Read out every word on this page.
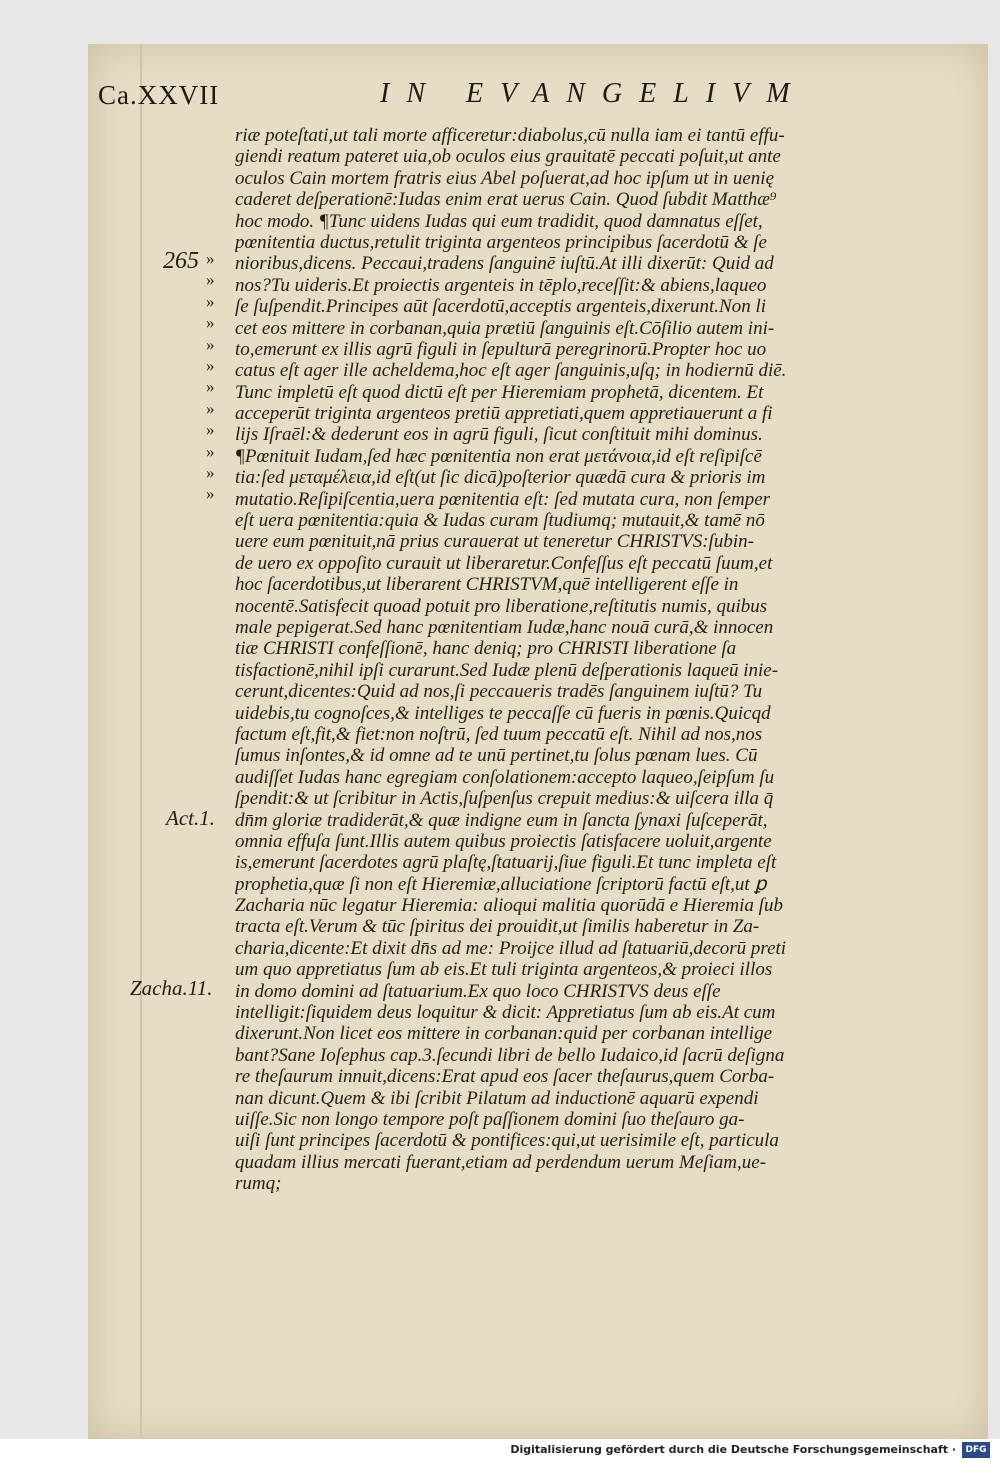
Ca.XXVII	IN EVANGELIVM
265 »
»
»
»
»
»
»
»
»
»
»
»
Act.1.
Zacha.11.
riæ poteſtati,ut tali morte afficeretur:diabolus,cū nulla iam ei tantū effu-
giendi reatum pateret uia,ob oculos eius grauitatē peccati poſuit,ut ante
oculos Cain mortem fratris eius Abel poſuerat,ad hoc ipſum ut in uenię
caderet deſperationē:Iudas enim erat uerus Cain. Quod ſubdit Matthæ⁹
hoc modo. ¶Tunc uidens Iudas qui eum tradidit, quod damnatus eſſet,
pœnitentia ductus,retulit triginta argenteos principibus ſacerdotū & ſe
nioribus,dicens. Peccaui,tradens ſanguinē iuſtū.At illi dixerūt: Quid ad
nos?Tu uideris.Et proiectis argenteis in tēplo,receſſit:& abiens,laqueo
ſe ſuſpendit.Principes aūt ſacerdotū,acceptis argenteis,dixerunt.Non li
cet eos mittere in corbanan,quia prætiū ſanguinis eſt.Cōſilio autem ini-
to,emerunt ex illis agrū figuli in ſepulturā peregrinorū.Propter hoc uo
catus eſt ager ille acheldema,hoc eſt ager ſanguinis,uſq; in hodiernū diē.
Tunc impletū eſt quod dictū eſt per Hieremiam prophetā, dicentem. Et
acceperūt triginta argenteos pretiū appretiati,quem appretiauerunt a fi
lijs Iſraēl:& dederunt eos in agrū figuli, ſicut conſtituit mihi dominus.
¶Pœnituit Iudam,ſed hæc pœnitentia non erat μετάνοια,id eſt reſipiſcē
tia:ſed μεταμέλεια,id eſt(ut ſic dicā)poſterior quædā cura & prioris im
mutatio.Reſipiſcentia,uera pœnitentia eſt: ſed mutata cura, non ſemper
eſt uera pœnitentia:quia & Iudas curam ſtudiumq; mutauit,& tamē nō
uere eum pœnituit,nā prius curauerat ut teneretur CHRISTVS:ſubin-
de uero ex oppoſito curauit ut liberaretur.Confeſſus eſt peccatū ſuum,et
hoc ſacerdotibus,ut liberarent CHRISTVM,quē intelligerent eſſe in
nocentē.Satisfecit quoad potuit pro liberatione,reſtitutis numis, quibus
male pepigerat.Sed hanc pœnitentiam Iudæ,hanc nouā curā,& innocen
tiæ CHRISTI confeſſionē, hanc deniq; pro CHRISTI liberatione ſa
tisfactionē,nihil ipſi curarunt.Sed Iudæ plenū deſperationis laqueū inie-
cerunt,dicentes:Quid ad nos,ſi peccaueris tradēs ſanguinem iuſtū? Tu
uidebis,tu cognoſces,& intelliges te peccaſſe cū fueris in pœnis.Quicqd
factum eſt,fit,& fiet:non noſtrū, ſed tuum peccatū eſt. Nihil ad nos,nos
ſumus inſontes,& id omne ad te unū pertinet,tu ſolus pœnam lues. Cū
audiſſet Iudas hanc egregiam conſolationem:accepto laqueo,ſeipſum ſu
ſpendit:& ut ſcribitur in Actis,ſuſpenſus crepuit medius:& uiſcera illa q̄
dn̄m gloriæ tradiderāt,& quæ indigne eum in ſancta ſynaxi ſuſceperāt,
omnia effuſa ſunt.Illis autem quibus proiectis ſatisfacere uoluit,argente
is,emerunt ſacerdotes agrū plaſtę,ſtatuarij,ſiue figuli.Et tunc impleta eſt
prophetia,quæ ſi non eſt Hieremiæ,alluciatione ſcriptorū factū eſt,ut ꝑ
Zacharia nūc legatur Hieremia: alioqui malitia quorūdā e Hieremia ſub
tracta eſt.Verum & tūc ſpiritus dei prouidit,ut ſimilis haberetur in Za-
charia,dicente:Et dixit dn̄s ad me: Proijce illud ad ſtatuariū,decorū preti
um quo appretiatus ſum ab eis.Et tuli triginta argenteos,& proieci illos
in domo domini ad ſtatuarium.Ex quo loco CHRISTVS deus eſſe
intelligit:ſiquidem deus loquitur & dicit: Appretiatus ſum ab eis.At cum
dixerunt.Non licet eos mittere in corbanan:quid per corbanan intellige
bant?Sane Ioſephus cap.3.ſecundi libri de bello Iudaico,id ſacrū deſigna
re theſaurum innuit,dicens:Erat apud eos ſacer theſaurus,quem Corba-
nan dicunt.Quem & ibi ſcribit Pilatum ad inductionē aquarū expendi
uiſſe.Sic non longo tempore poſt paſſionem domini ſuo theſauro ga-
uiſi ſunt principes ſacerdotū & pontifices:qui,ut uerisimile eſt, particula
quadam illius mercati fuerant,etiam ad perdendum uerum Meſiam,ue-
rumq;
Digitalisierung gefördert durch die Deutsche Forschungsgemeinschaft ·	DFG
